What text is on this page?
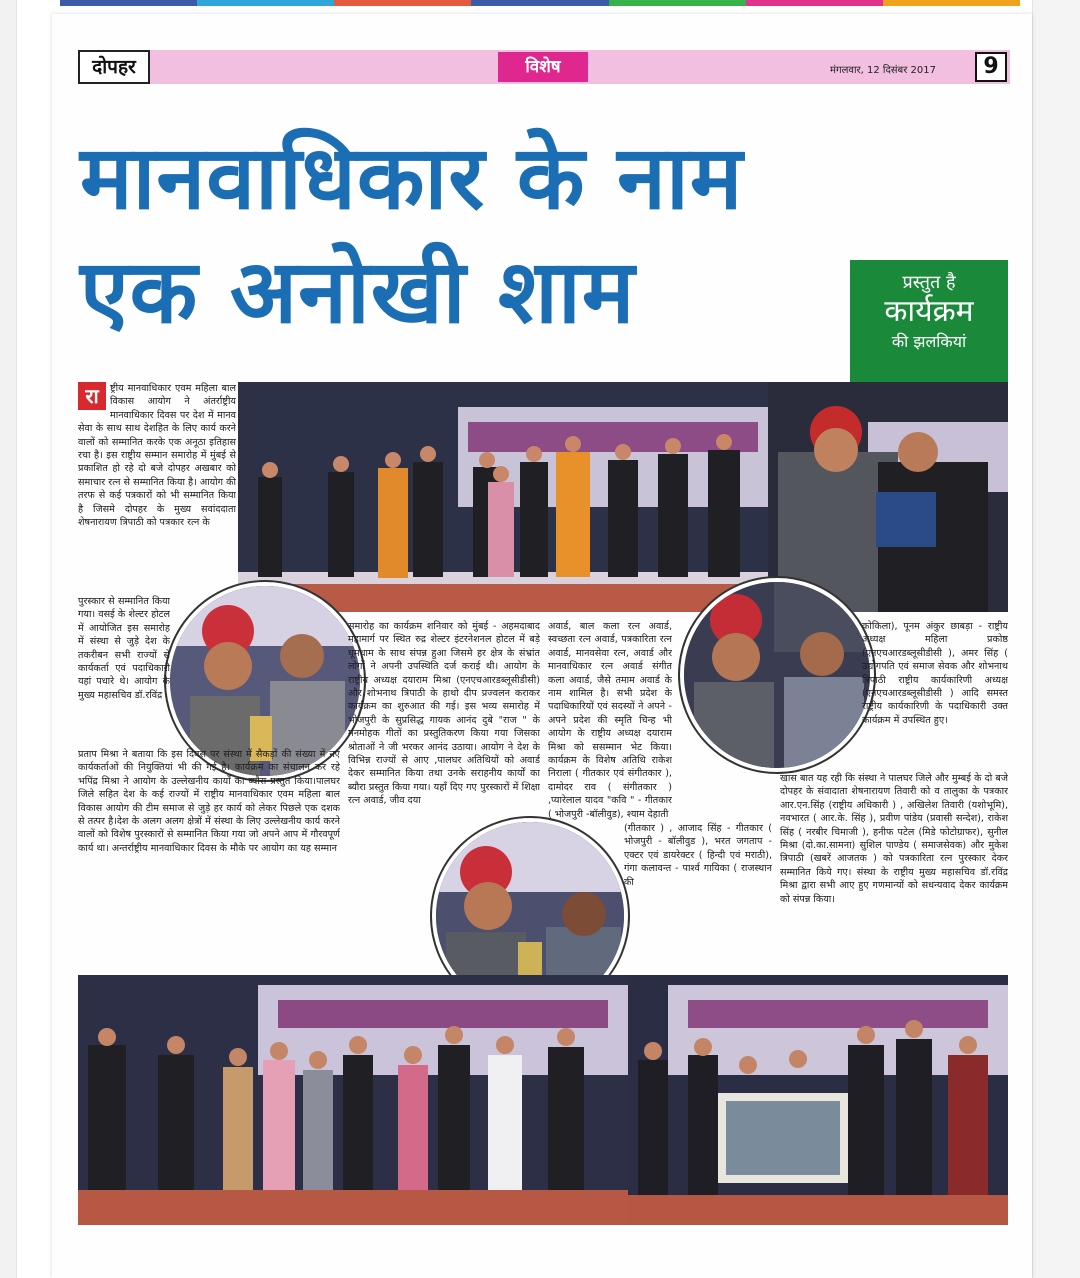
दोपहर	विशेष	मंगलवार, 12 दिसंबर 2017	9
मानवाधिकार के नाम
एक अनोखी शाम	प्रस्तुत है
कार्यक्रम
की झलकियां
रा	ष्ट्रीय मानवाधिकार एवम महिला बाल विकास आयोग ने अंतर्राष्ट्रीय मानवाधिकार दिवस पर देश में मानव सेवा के साथ साथ देशहित के लिए कार्य करने वालों को सम्मानित करके एक अनूठा इतिहास रचा है। इस राष्ट्रीय सम्मान समारोह में मुंबई से प्रकाशित हो रहे दो बजे दोपहर अखबार को समाचार रत्न से सम्मानित किया है। आयोग की तरफ से कई पत्रकारों को भी सम्मानित किया है जिसमे दोपहर के मुख्य सवांददाता शेषनारायण त्रिपाठी को पत्रकार रत्न के
पुरस्कार से सम्मानित किया गया। वसई के शेल्टर होटल में आयोजित इस समारोह में संस्था से जुड़े देश के तकरीबन सभी राज्यों से कार्यकर्ता एवं पदाधिकारी यहां पधारे थे। आयोग के मुख्य महासचिव डॉ.रविंद्र
प्रताप मिश्रा ने बताया कि इस दिवस पर संस्था में सैकड़ों की संख्या में नए कार्यकर्ताओं की नियुक्तियां भी की गई है। कार्यक्रम का संचालन कर रहे भपिंद्र मिश्रा ने आयोग के उल्लेखनीय कार्यों का ब्यौरा प्रस्तुत किया।पालघर जिले सहित देश के कई राज्यों में राष्ट्रीय मानवाधिकार एवम महिला बाल विकास आयोग की टीम समाज से जुड़े हर कार्य को लेकर पिछले एक दशक से तत्पर है।देश के अलग अलग क्षेत्रों में संस्था के लिए उल्लेखनीय कार्य करने वालों को विशेष पुरस्कारों से सम्मानित किया गया जो अपने आप में गौरवपूर्ण कार्य था। अन्तर्राष्ट्रीय मानवाधिकार दिवस के मौके पर आयोग का यह सम्मान
समारोह का कार्यक्रम शनिवार को मुंबई - अहमदाबाद महामार्ग पर स्थित रुद्र शेल्टर इंटरनेशनल होटल में बड़े धूमधाम के साथ संपन्न हुआ जिसमे हर क्षेत्र के संभ्रांत लोगों ने अपनी उपस्थिति दर्ज कराई थी। आयोग के राष्ट्रीय अध्यक्ष दयाराम मिश्रा (एनएचआरडब्लूसीडीसी) और शोभनाथ त्रिपाठी के हाथो दीप प्रज्वलन कराकर कार्यक्रम का शुरुआत की गई। इस भव्य समारोह में भोजपुरी के सुप्रसिद्ध गायक आनंद दुबे "राज " के मनमोहक गीतों का प्रस्तुतिकरण किया गया जिसका श्रोताओं ने जी भरकर आनंद उठाया। आयोग ने देश के विभिन्न राज्यों से आए ,पालघर अतिथियों को अवार्ड देकर सम्मानित किया तथा उनके सराहनीय कार्यों का ब्यौरा प्रस्तुत किया गया। यहाँ दिए गए पुरस्कारों में शिक्षा रत्न अवार्ड, जीव दया
अवार्ड, बाल कला रत्न अवार्ड, स्वच्छता रत्न अवार्ड, पत्रकारिता रत्न अवार्ड, मानवसेवा रत्न, अवार्ड और मानवाधिकार रत्न अवार्ड संगीत कला अवार्ड, जैसे तमाम अवार्ड के नाम शामिल है। सभी प्रदेश के पदाधिकारियों एवं सदस्यों ने अपने - अपने प्रदेश की स्मृति चिन्ह भी आयोग के राष्ट्रीय अध्यक्ष दयाराम मिश्रा को ससम्मान भेट किया। कार्यक्रम के विशेष अतिथि राकेश निराला ( गीतकार एवं संगीतकार ), दामोदर राव ( संगीतकार ) ,प्यारेलाल यादव "कवि " - गीतकार ( भोजपुरी -बॉलीवुड), श्याम देहाती
(गीतकार ) , आजाद सिंह - गीतकार ( भोजपुरी - बॉलीवुड ), भरत जगताप - एक्टर एवं डायरेक्टर ( हिन्दी एवं मराठी), गंगा कलावन्त - पार्श्व गायिका ( राजस्थान की
कोकिला), पूनम अंकुर छाबड़ा - राष्ट्रीय अध्यक्ष महिला प्रकोष्ठ (एनएचआरडब्लूसीडीसी ), अमर सिंह ( उद्योगपति एवं समाज सेवक और शोभनाथ त्रिपाठी राष्ट्रीय कार्यकारिणी अध्यक्ष (एनएचआरडब्लूसीडीसी ) आदि समस्त राष्ट्रीय कार्यकारिणी के पदाधिकारी उक्त कार्यक्रम में उपस्थित हुए।
खास बात यह रही कि संस्था ने पालघर जिले और मुम्बई के दो बजे दोपहर के संवादाता शेषनारायण तिवारी को व तालुका के पत्रकार आर.एन.सिंह (राष्ट्रीय अधिकारी ) , अखिलेश तिवारी (यशोभूमि), नवभारत ( आर.के. सिंह ), प्रवीण पांडेय (प्रवासी सन्देश), राकेश सिंह ( नरबीर चिमाजी ), हनीफ पटेल (मिडे फोटोग्राफर), सुनील मिश्रा (दो.का.सामना) सुशिल पाण्डेय ( समाजसेवक) और मुकेश त्रिपाठी (खबरें आजतक ) को पत्रकारिता रत्न पुरस्कार देकर सम्मानित किये गए। संस्था के राष्ट्रीय मुख्य महासचिव डॉ.रविंद्र मिश्रा द्वारा सभी आए हुए गणमान्यों को सधन्यवाद देकर कार्यक्रम को संपन्न किया।
